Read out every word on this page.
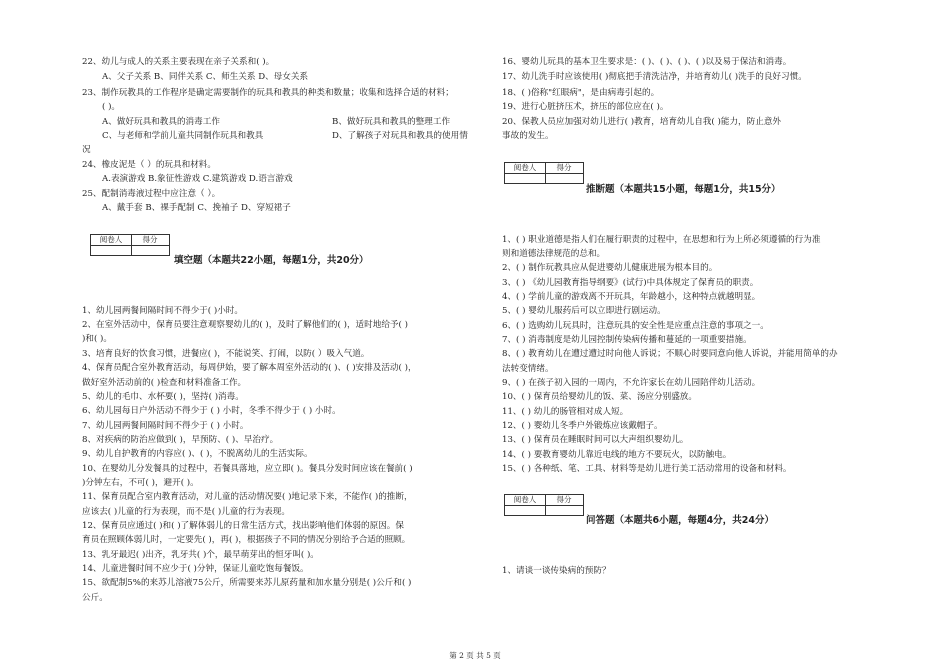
22、幼儿与成人的关系主要表现在亲子关系和( )。
A、父子关系 B、同伴关系 C、师生关系 D、母女关系
23、制作玩教具的工作程序是确定需要制作的玩具和教具的种类和数量；收集和选择合适的材料；
( )。
A、做好玩具和教具的消毒工作	B、做好玩具和教具的整理工作
C、与老师和学前儿童共同制作玩具和教具	D、了解孩子对玩具和教具的使用情
况
24、橡皮泥是（ ）的玩具和材料。
A.表演游戏 B.象征性游戏 C.建筑游戏 D.语言游戏
25、配制消毒液过程中应注意（ ）。
A、戴手套 B、裸手配制 C、挽袖子 D、穿短裙子
阅卷人	得分
填空题（本题共22小题，每题1分，共20分）
1、幼儿园两餐间隔时间不得少于( )小时。
2、在室外活动中，保育员要注意观察婴幼儿的( )，及时了解他们的( )，适时地给予( )
)和( )。
3、培育良好的饮食习惯，进餐应( )，不能说笑、打闹，以防( ）吸入气道。
4、保育员配合室外教育活动，每周伊始，要了解本周室外活动的( )、( )安排及活动( )，
做好室外活动前的( )检查和材料准备工作。
5、幼儿的毛巾、水杯要( )，坚持( )消毒。
6、幼儿园每日户外活动不得少于 ( ) 小时，冬季不得少于 ( ) 小时。
7、幼儿园两餐间隔时间不得少于 ( ) 小时。
8、对疾病的防治应做到( )，早预防、( )、早治疗。
9、幼儿自护教育的内容应( )、( )，不脱离幼儿的生活实际。
10、在婴幼儿分发餐具的过程中，若餐具落地，应立即( )。餐具分发时间应该在餐前( )
)分钟左右，不可( )，避开( )。
11、保育员配合室内教育活动，对儿童的活动情况要( )地记录下来，不能作( )的推断，
应该去( )儿童的行为表现，而不是( )儿童的行为表现。
12、保育员应通过( )和( )了解体弱儿的日常生活方式，找出影响他们体弱的原因。保
育员在照顾体弱儿时，一定要先( )，再( )，根据孩子不同的情况分别给予合适的照顾。
13、乳牙最迟( )出齐，乳牙共( )个，最早萌芽出的恒牙叫( )。
14、儿童进餐时间不应少于( )分钟，保证儿童吃饱每餐饭。
15、欲配制5%的来苏儿溶液75公斤，所需要来苏儿原药量和加水量分别是( )公斤和( )
公斤。
16、婴幼儿玩具的基本卫生要求是：( )、( )、( )、( )以及易于保洁和消毒。
17、幼儿洗手时应该使用( )彻底把手清洗洁净，并培育幼儿( )洗手的良好习惯。
18、( )俗称"红眼病"，是由病毒引起的。
19、进行心脏挤压术，挤压的部位应在( )。
20、保教人员应加强对幼儿进行( )教育，培育幼儿自我( )能力，防止意外
事故的发生。
阅卷人	得分
推断题（本题共15小题，每题1分，共15分）
1、( ) 职业道德是指人们在履行职责的过程中，在思想和行为上所必须遵循的行为准
则和道德法律规范的总和。
2、( ) 制作玩教具应从促进婴幼儿健康进展为根本目的。
3、( ) 《幼儿园教育指导纲要》(试行)中具体规定了保育员的职责。
4、( ) 学前儿童的游戏离不开玩具，年龄越小，这种特点就越明显。
5、( ) 婴幼儿服药后可以立即进行剧运动。
6、( ) 选购幼儿玩具时，注意玩具的安全性是应重点注意的事项之一。
7、( ) 消毒制度是幼儿园控制传染病传播和蔓延的一项重要措施。
8、( ) 教育幼儿在遭过遭过时向他人诉说；不顺心时要同意向他人诉说，并能用简单的办
法转变情绪。
9、( ) 在孩子初入园的一周内，不允许家长在幼儿园陪伴幼儿活动。
10、( ) 保育员给婴幼儿的饭、菜、汤应分别盛放。
11、( ) 幼儿的肠管相对成人短。
12、( ) 婴幼儿冬季户外锻炼应该戴帽子。
13、( ) 保育员在睡眠时间可以大声组织婴幼儿。
14、( ) 要教育婴幼儿靠近电线的地方不要玩火，以防触电。
15、( ) 各种纸、笔、工具、材料等是幼儿进行美工活动常用的设备和材料。
阅卷人	得分
问答题（本题共6小题，每题4分，共24分）
1、请谈一谈传染病的预防？
第 2 页 共 5 页
